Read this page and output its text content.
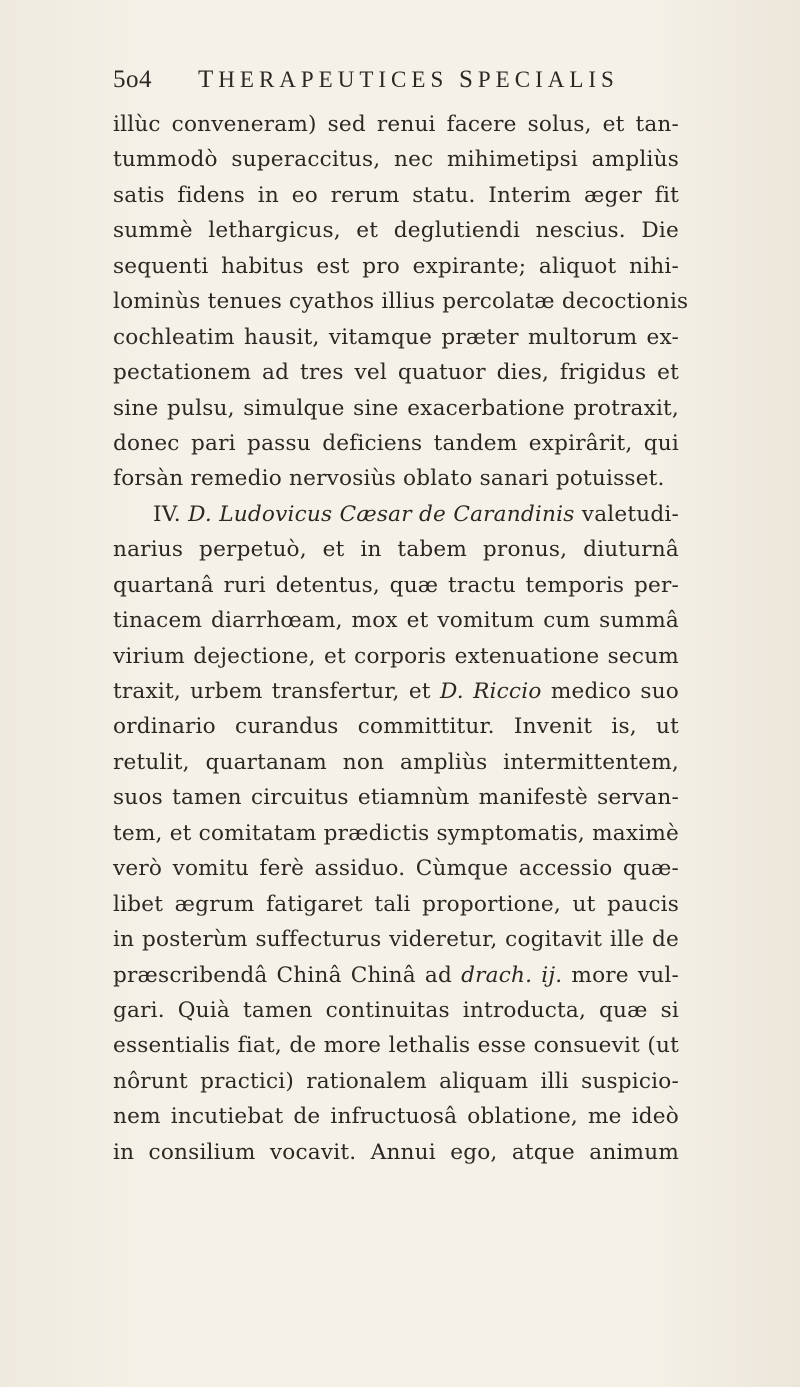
5o4 THERAPEUTICES SPECIALIS
illùc conveneram) sed renui facere solus, et tan-
tummodò superaccitus, nec mihimetipsi ampliùs
satis fidens in eo rerum statu. Interim æger fit
summè lethargicus, et deglutiendi nescius. Die
sequenti habitus est pro expirante; aliquot nihi-
lominùs tenues cyathos illius percolatæ decoctionis
cochleatim hausit, vitamque præter multorum ex-
pectationem ad tres vel quatuor dies, frigidus et
sine pulsu, simulque sine exacerbatione protraxit,
donec pari passu deficiens tandem expirârit, qui
forsàn remedio nervosiùs oblato sanari potuisset.
IV. D. Ludovicus Cæsar de Carandinis valetudi-
narius perpetuò, et in tabem pronus, diuturnâ
quartanâ ruri detentus, quæ tractu temporis per-
tinacem diarrhœam, mox et vomitum cum summâ
virium dejectione, et corporis extenuatione secum
traxit, urbem transfertur, et D. Riccio medico suo
ordinario curandus committitur. Invenit is, ut
retulit, quartanam non ampliùs intermittentem,
suos tamen circuitus etiamnùm manifestè servan-
tem, et comitatam prædictis symptomatis, maximè
verò vomitu ferè assiduo. Cùmque accessio quæ-
libet ægrum fatigaret tali proportione, ut paucis
in posterùm suffecturus videretur, cogitavit ille de
præscribendâ Chinâ Chinâ ad drach. ij. more vul-
gari. Quià tamen continuitas introducta, quæ si
essentialis fiat, de more lethalis esse consuevit (ut
nôrunt practici) rationalem aliquam illi suspicio-
nem incutiebat de infructuosâ oblatione, me ideò
in consilium vocavit. Annui ego, atque animum
